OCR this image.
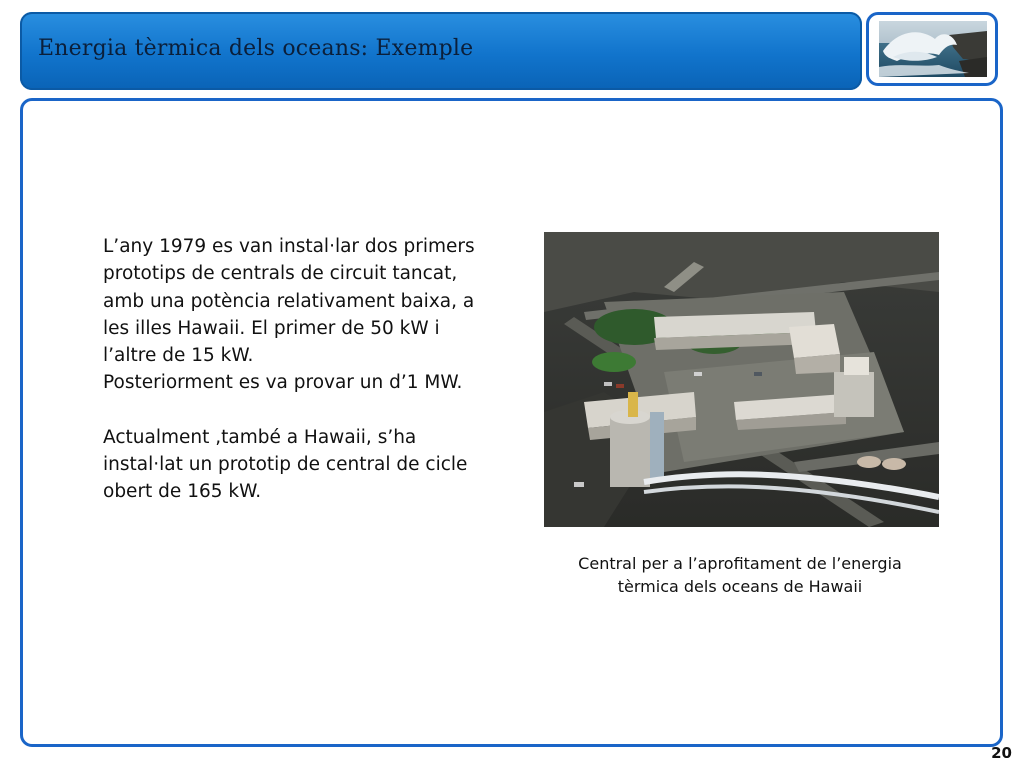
Energia tèrmica dels oceans: Exemple

L’any 1979 es van instal·lar dos primers

prototips de centrals de circuit tancat,

amb una potència relativament baixa, a

les illes Hawaii. El primer de 50 kW i

l’altre de 15 kW.

Posteriorment es va provar un d’1 MW.

Actualment ,també a Hawaii, s’ha

instal·lat un prototip de central de cicle

obert de 165 kW.

Central per a l’aprofitament de l’energia

tèrmica dels oceans de Hawaii

20
